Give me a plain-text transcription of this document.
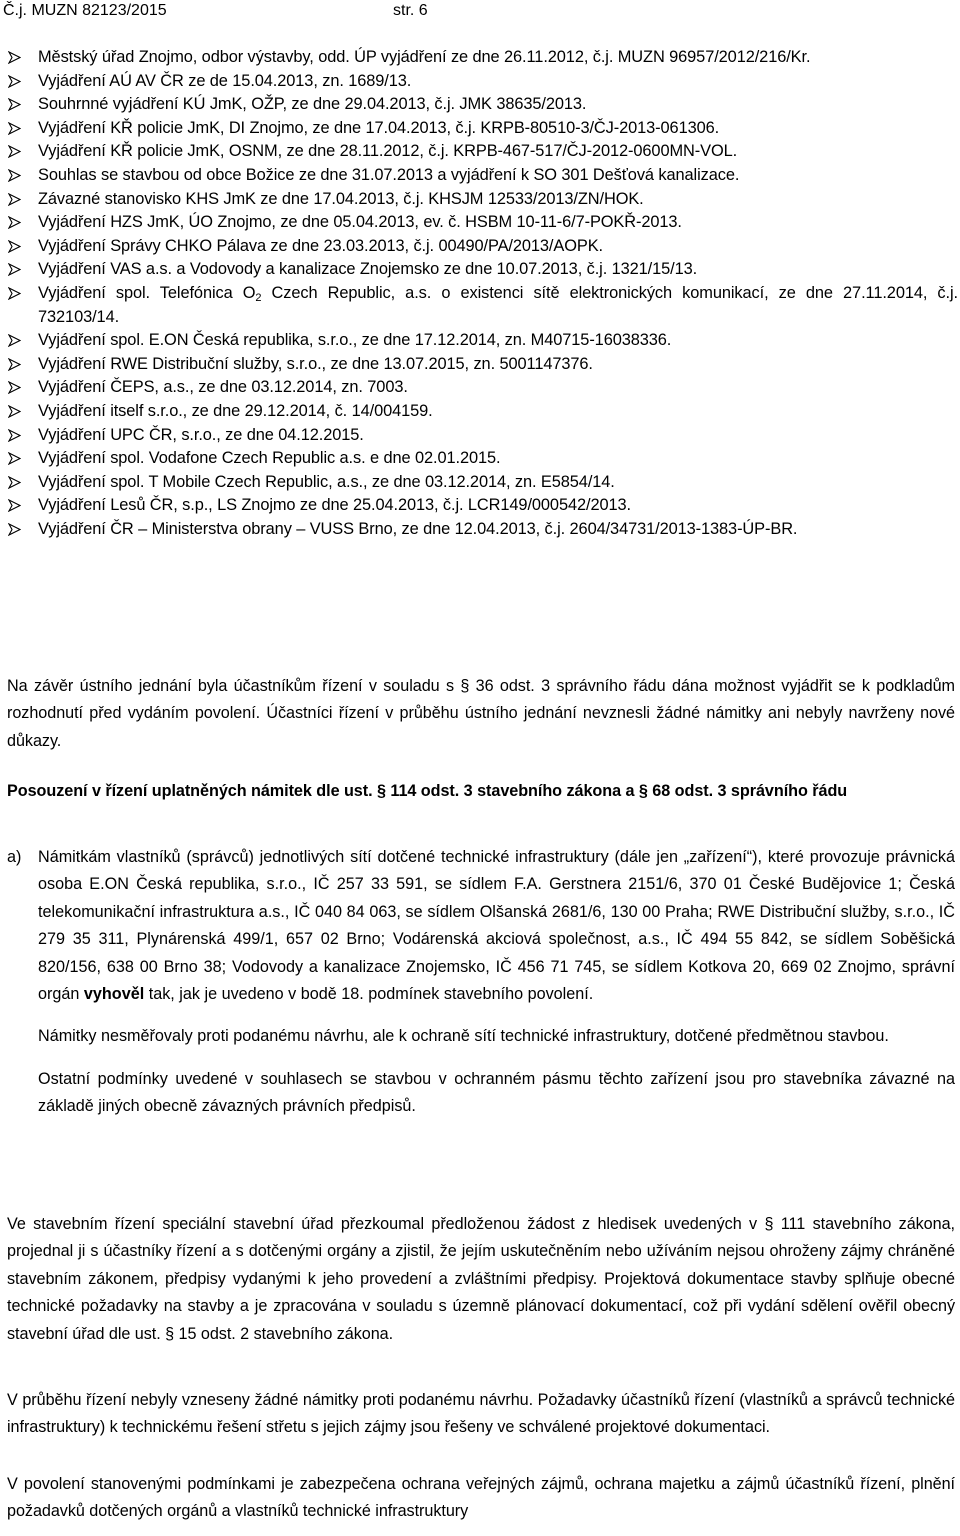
Č.j. MUZN 82123/2015	str. 6
Městský úřad Znojmo, odbor výstavby, odd. ÚP vyjádření ze dne 26.11.2012, č.j. MUZN 96957/2012/216/Kr.
Vyjádření AÚ AV ČR ze de 15.04.2013, zn. 1689/13.
Souhrnné vyjádření KÚ JmK, OŽP, ze dne 29.04.2013, č.j. JMK 38635/2013.
Vyjádření KŘ policie JmK, DI Znojmo, ze dne 17.04.2013, č.j. KRPB-80510-3/ČJ-2013-061306.
Vyjádření KŘ policie JmK, OSNM, ze dne 28.11.2012, č.j. KRPB-467-517/ČJ-2012-0600MN-VOL.
Souhlas se stavbou od obce Božice ze dne 31.07.2013 a vyjádření k SO 301 Dešťová kanalizace.
Závazné stanovisko KHS JmK ze dne 17.04.2013, č.j. KHSJM 12533/2013/ZN/HOK.
Vyjádření HZS JmK, ÚO Znojmo, ze dne 05.04.2013, ev. č. HSBM 10-11-6/7-POKŘ-2013.
Vyjádření Správy CHKO Pálava ze dne 23.03.2013, č.j. 00490/PA/2013/AOPK.
Vyjádření VAS a.s. a Vodovody a kanalizace Znojemsko ze dne 10.07.2013, č.j. 1321/15/13.
Vyjádření spol. Telefónica $O_2$ Czech Republic, a.s. o existenci sítě elektronických komunikací, ze dne 27.11.2014, č.j. 732103/14.
Vyjádření spol. E.ON Česká republika, s.r.o., ze dne 17.12.2014, zn. M40715-16038336.
Vyjádření RWE Distribuční služby, s.r.o., ze dne 13.07.2015, zn. 5001147376.
Vyjádření ČEPS, a.s., ze dne 03.12.2014, zn. 7003.
Vyjádření itself s.r.o., ze dne 29.12.2014, č. 14/004159.
Vyjádření UPC ČR, s.r.o., ze dne 04.12.2015.
Vyjádření spol. Vodafone Czech Republic a.s. e dne 02.01.2015.
Vyjádření spol. T Mobile Czech Republic, a.s., ze dne 03.12.2014, zn. E5854/14.
Vyjádření Lesů ČR, s.p., LS Znojmo ze dne 25.04.2013, č.j. LCR149/000542/2013.
Vyjádření ČR – Ministerstva obrany – VUSS Brno, ze dne 12.04.2013, č.j. 2604/34731/2013-1383-ÚP-BR.

Na závěr ústního jednání byla účastníkům řízení v souladu s § 36 odst. 3 správního řádu dána možnost vyjádřit se k podkladům rozhodnutí před vydáním povolení. Účastníci řízení v průběhu ústního jednání nevznesli žádné námitky ani nebyly navrženy nové důkazy.

Posouzení v řízení uplatněných námitek dle ust. § 114 odst. 3 stavebního zákona a § 68 odst. 3 správního řádu

a) Námitkám vlastníků (správců) jednotlivých sítí dotčené technické infrastruktury (dále jen „zařízení“), které provozuje právnická osoba E.ON Česká republika, s.r.o., IČ 257 33 591, se sídlem F.A. Gerstnera 2151/6, 370 01 České Budějovice 1; Česká telekomunikační infrastruktura a.s., IČ 040 84 063, se sídlem Olšanská 2681/6, 130 00 Praha; RWE Distribuční služby, s.r.o., IČ 279 35 311, Plynárenská 499/1, 657 02 Brno; Vodárenská akciová společnost, a.s., IČ 494 55 842, se sídlem Soběšická 820/156, 638 00 Brno 38; Vodovody a kanalizace Znojemsko, IČ 456 71 745, se sídlem Kotkova 20, 669 02 Znojmo, správní orgán vyhověl tak, jak je uvedeno v bodě 18. podmínek stavebního povolení.

Námitky nesměřovaly proti podanému návrhu, ale k ochraně sítí technické infrastruktury, dotčené předmětnou stavbou.

Ostatní podmínky uvedené v souhlasech se stavbou v ochranném pásmu těchto zařízení jsou pro stavebníka závazné na základě jiných obecně závazných právních předpisů.

Ve stavebním řízení speciální stavební úřad přezkoumal předloženou žádost z hledisek uvedených v § 111 stavebního zákona, projednal ji s účastníky řízení a s dotčenými orgány a zjistil, že jejím uskutečněním nebo užíváním nejsou ohroženy zájmy chráněné stavebním zákonem, předpisy vydanými k jeho provedení a zvláštními předpisy. Projektová dokumentace stavby splňuje obecné technické požadavky na stavby a je zpracována v souladu s územně plánovací dokumentací, což při vydání sdělení ověřil obecný stavební úřad dle ust. § 15 odst. 2 stavebního zákona.

V průběhu řízení nebyly vzneseny žádné námitky proti podanému návrhu. Požadavky účastníků řízení (vlastníků a správců technické infrastruktury) k technickému řešení střetu s jejich zájmy jsou řešeny ve schválené projektové dokumentaci.

V povolení stanovenými podmínkami je zabezpečena ochrana veřejných zájmů, ochrana majetku a zájmů účastníků řízení, plnění požadavků dotčených orgánů a vlastníků technické infrastruktury
